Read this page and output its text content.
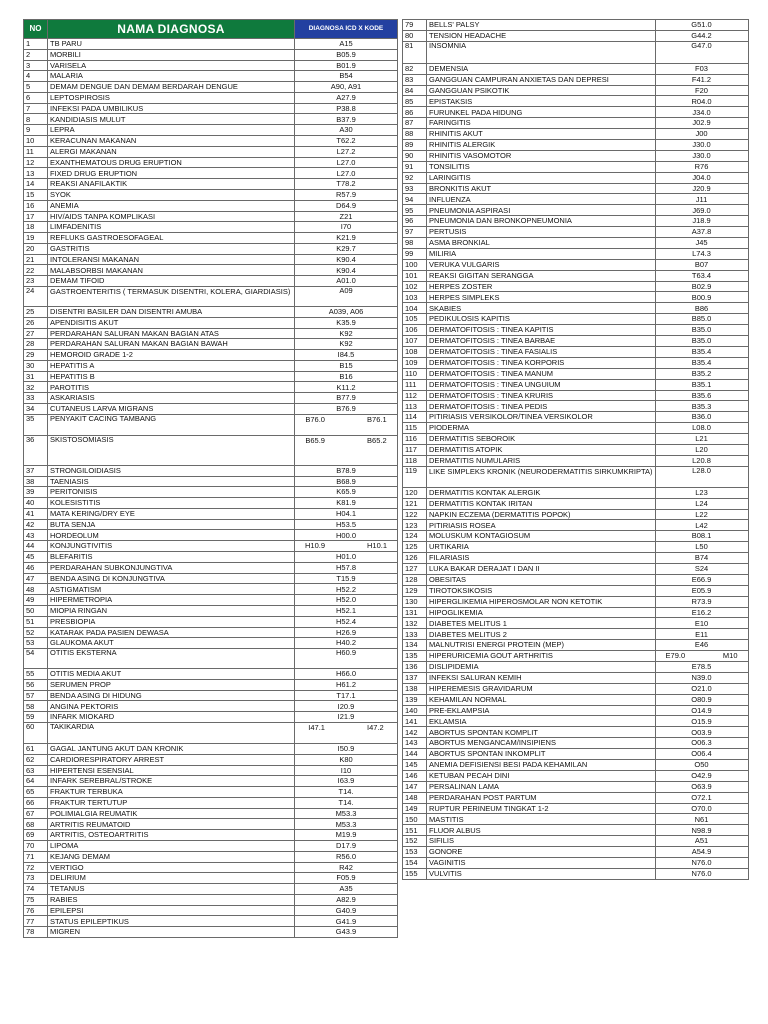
NO	NAMA DIAGNOSA	DIAGNOSA ICD X KODE
1	TB PARU	A15
2	MORBILI	B05.9
3	VARISELA	B01.9
4	MALARIA	B54
5	DEMAM DENGUE DAN DEMAM BERDARAH DENGUE	A90, A91
6	LEPTOSPIROSIS	A27.9
7	INFEKSI PADA UMBILIKUS	P38.8
8	KANDIDIASIS MULUT	B37.9
9	LEPRA	A30
10	KERACUNAN MAKANAN	T62.2
11	ALERGI MAKANAN	L27.2
12	EXANTHEMATOUS DRUG ERUPTION	L27.0
13	FIXED DRUG ERUPTION	L27.0
14	REAKSI ANAFILAKTIK	T78.2
15	SYOK	R57.9
16	ANEMIA	D64.9
17	HIV/AIDS TANPA KOMPLIKASI	Z21
18	LIMFADENITIS	I70
19	REFLUKS GASTROESOFAGEAL	K21.9
20	GASTRITIS	K29.7
21	INTOLERANSI MAKANAN	K90.4
22	MALABSORBSI MAKANAN	K90.4
23	DEMAM TIFOID	A01.0
24	GASTROENTERITIS ( TERMASUK DISENTRI, KOLERA, GIARDIASIS)	A09
25	DISENTRI BASILER DAN DISENTRI AMUBA	A039, A06
26	APENDISITIS AKUT	K35.9
27	PERDARAHAN SALURAN MAKAN BAGIAN ATAS	K92
28	PERDARAHAN SALURAN MAKAN BAGIAN BAWAH	K92
29	HEMOROID GRADE 1-2	I84.5
30	HEPATITIS A	B15
31	HEPATITIS B	B16
32	PAROTITIS	K11.2
33	ASKARIASIS	B77.9
34	CUTANEUS LARVA MIGRANS	B76.9
35	PENYAKIT CACING TAMBANG	B76.0 B76.1
36	SKISTOSOMIASIS	B65.9 B65.2
37	STRONGILOIDIASIS	B78.9
38	TAENIASIS	B68.9
39	PERITONISIS	K65.9
40	KOLESISTITIS	K81.9
41	MATA KERING/DRY EYE	H04.1
42	BUTA SENJA	H53.5
43	HORDEOLUM	H00.0
44	KONJUNGTIVITIS	H10.9 H10.1

45	BLEFARITIS	H01.0
46	PERDARAHAN SUBKONJUNGTIVA	H57.8
47	BENDA ASING DI KONJUNGTIVA	T15.9
48	ASTIGMATISM	H52.2
49	HIPERMETROPIA	H52.0
50	MIOPIA RINGAN	H52.1
51	PRESBIOPIA	H52.4
52	KATARAK PADA PASIEN DEWASA	H26.9
53	GLAUKOMA AKUT	H40.2
54	OTITIS EKSTERNA	H60.9
55	OTITIS MEDIA AKUT	H66.0
56	SERUMEN PROP	H61.2
57	BENDA ASING DI HIDUNG	T17.1
58	ANGINA PEKTORIS	I20.9
59	INFARK MIOKARD	I21.9
60	TAKIKARDIA	I47.1 I47.2
61	GAGAL JANTUNG AKUT DAN KRONIK	I50.9
62	CARDIORESPIRATORY ARREST	K80
63	HIPERTENSI ESENSIAL	I10
64	INFARK SEREBRAL/STROKE	I63.9
65	FRAKTUR TERBUKA	T14.
66	FRAKTUR TERTUTUP	T14.
67	POLIMIALGIA REUMATIK	M53.3
68	ARTRITIS REUMATOID	M53.3
69	ARTRITIS, OSTEOARTRITIS	M19.9
70	LIPOMA	D17.9
71	KEJANG DEMAM	R56.0
72	VERTIGO	R42
73	DELIRIUM	F05.9
74	TETANUS	A35
75	RABIES	A82.9
76	EPILEPSI	G40.9
77	STATUS EPILEPTIKUS	G41.9
78	MIGREN	G43.9
79	BELLS' PALSY	G51.0
80	TENSION HEADACHE	G44.2
81	INSOMNIA	G47.0
82	DEMENSIA	F03
83	GANGGUAN CAMPURAN ANXIETAS DAN DEPRESI	F41.2
84	GANGGUAN PSIKOTIK	F20
85	EPISTAKSIS	R04.0
86	FURUNKEL PADA HIDUNG	J34.0
87	FARINGITIS	J02.9
88	RHINITIS AKUT	J00
89	RHINITIS ALERGIK	J30.0
90	RHINITIS VASOMOTOR	J30.0
91	TONSILITIS	R76
92	LARINGITIS	J04.0
93	BRONKITIS AKUT	J20.9
94	INFLUENZA	J11
95	PNEUMONIA ASPIRASI	J69.0
96	PNEUMONIA DAN BRONKOPNEUMONIA	J18.9
97	PERTUSIS	A37.8
98	ASMA BRONKIAL	J45
99	MILIRIA	L74.3
100	VERUKA VULGARIS	B07
101	REAKSI GIGITAN SERANGGA	T63.4
102	HERPES ZOSTER	B02.9
103	HERPES SIMPLEKS	B00.9
104	SKABIES	B86
105	PEDIKULOSIS KAPITIS	B85.0
106	DERMATOFITOSIS : TINEA KAPITIS	B35.0
107	DERMATOFITOSIS : TINEA BARBAE	B35.0
108	DERMATOFITOSIS : TINEA FASIALIS	B35.4
109	DERMATOFITOSIS : TINEA KORPORIS	B35.4
110	DERMATOFITOSIS : TINEA MANUM	B35.2
111	DERMATOFITOSIS : TINEA UNGUIUM	B35.1
112	DERMATOFITOSIS : TINEA KRURIS	B35.6
113	DERMATOFITOSIS : TINEA PEDIS	B35.3
114	PITIRIASIS VERSIKOLOR/TINEA VERSIKOLOR	B36.0
115	PIODERMA	L08.0
116	DERMATITIS SEBOROIK	L21
117	DERMATITIS ATOPIK	L20
118	DERMATITIS NUMULARIS	L20.8
119	LIKE SIMPLEKS KRONIK (NEURODERMATITIS SIRKUMKRIPTA)	L28.0
120	DERMATITIS KONTAK ALERGIK	L23
121	DERMATITIS KONTAK IRITAN	L24
122	NAPKIN ECZEMA (DERMATITIS POPOK)	L22
123	PITIRIASIS ROSEA	L42
124	MOLUSKUM KONTAGIOSUM	B08.1
125	URTIKARIA	L50
126	FILARIASIS	B74
127	LUKA BAKAR DERAJAT I DAN II	S24
128	OBESITAS	E66.9
129	TIROTOKSIKOSIS	E05.9
130	HIPERGLIKEMIA HIPEROSMOLAR NON KETOTIK	R73.9
131	HIPOGLIKEMIA	E16.2
132	DIABETES MELITUS 1	E10
133	DIABETES MELITUS 2	E11
134	MALNUTRISI ENERGI PROTEIN (MEP)	E46
135	HIPERURICEMIA GOUT ARTHRITIS	E79.0 M10

136	DISLIPIDEMIA	E78.5
137	INFEKSI SALURAN KEMIH	N39.0
138	HIPEREMESIS GRAVIDARUM	O21.0
139	KEHAMILAN NORMAL	O80.9
140	PRE-EKLAMPSIA	O14.9
141	EKLAMSIA	O15.9
142	ABORTUS SPONTAN KOMPLIT	O03.9
143	ABORTUS MENGANCAM/INSIPIENS	O06.3
144	ABORTUS SPONTAN INKOMPLIT	O06.4
145	ANEMIA DEFISIENSI BESI PADA KEHAMILAN	O50
146	KETUBAN PECAH DINI	O42.9
147	PERSALINAN LAMA	O63.9
148	PERDARAHAN POST PARTUM	O72.1
149	RUPTUR PERINEUM TINGKAT 1-2	O70.0
150	MASTITIS	N61
151	FLUOR ALBUS	N98.9
152	SIFILIS	A51
153	GONORE	A54.9
154	VAGINITIS	N76.0
155	VULVITIS	N76.0
